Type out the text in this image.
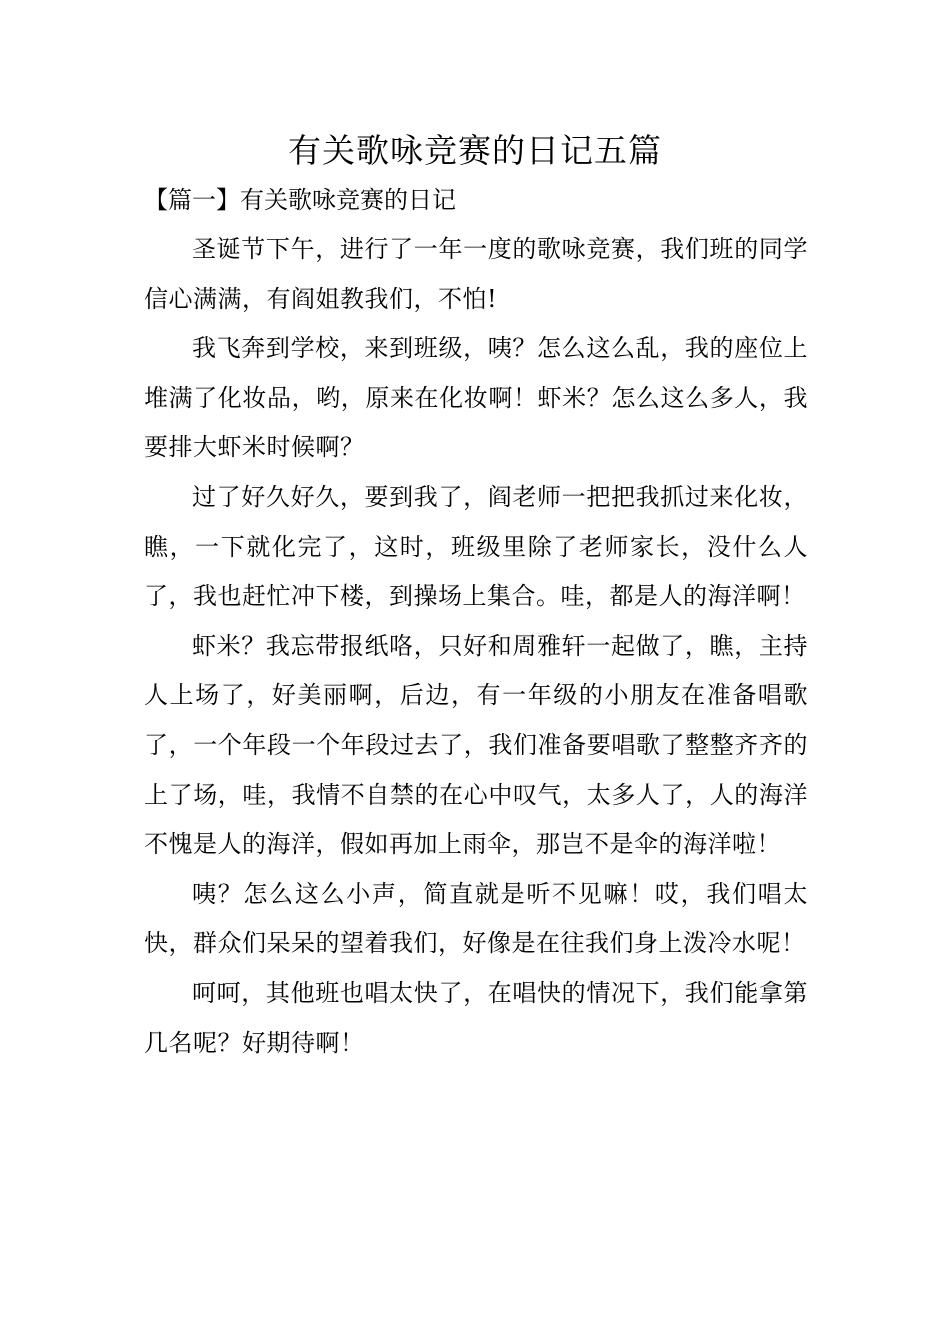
有关歌咏竞赛的日记五篇

【篇一】有关歌咏竞赛的日记

圣诞节下午，进行了一年一度的歌咏竞赛，我们班的同学信心满满，有阎姐教我们，不怕!

我飞奔到学校，来到班级，咦？怎么这么乱，我的座位上堆满了化妆品，哟，原来在化妆啊！虾米？怎么这么多人，我要排大虾米时候啊？

过了好久好久，要到我了，阎老师一把把我抓过来化妆，瞧，一下就化完了，这时，班级里除了老师家长，没什么人了，我也赶忙冲下楼，到操场上集合。哇，都是人的海洋啊！

虾米？我忘带报纸咯，只好和周雅轩一起做了，瞧，主持人上场了，好美丽啊，后边，有一年级的小朋友在准备唱歌了，一个年段一个年段过去了，我们准备要唱歌了整整齐齐的上了场，哇，我情不自禁的在心中叹气，太多人了，人的海洋不愧是人的海洋，假如再加上雨伞，那岂不是伞的海洋啦！

咦？怎么这么小声，简直就是听不见嘛！哎，我们唱太快，群众们呆呆的望着我们，好像是在往我们身上泼冷水呢！

呵呵，其他班也唱太快了，在唱快的情况下，我们能拿第几名呢？好期待啊！
